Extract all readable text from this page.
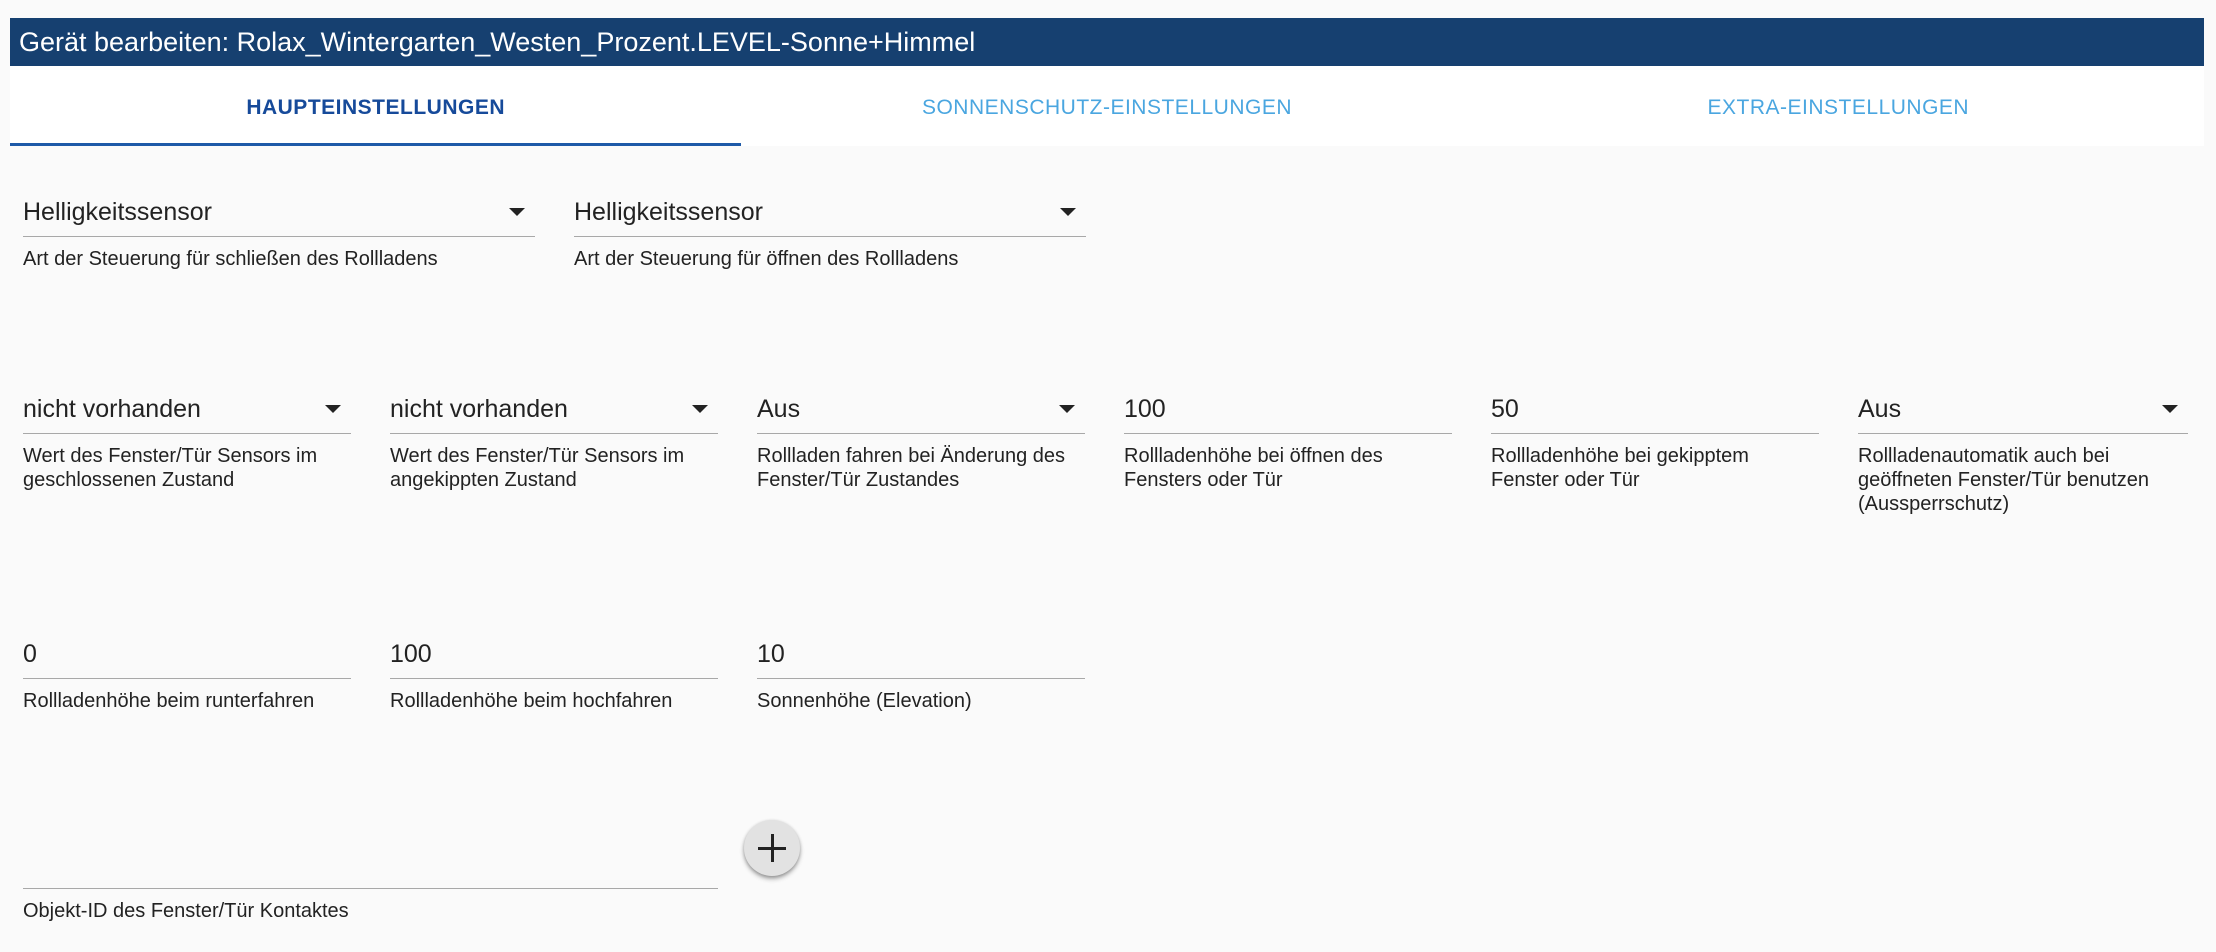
Gerät bearbeiten: Rolax_Wintergarten_Westen_Prozent.LEVEL-Sonne+Himmel
HAUPTEINSTELLUNGEN	SONNENSCHUTZ-EINSTELLUNGEN	EXTRA-EINSTELLUNGEN
Helligkeitssensor
Art der Steuerung für schließen des Rollladens
Helligkeitssensor
Art der Steuerung für öffnen des Rollladens
nicht vorhanden
Wert des Fenster/Tür Sensors im geschlossenen Zustand
nicht vorhanden
Wert des Fenster/Tür Sensors im angekippten Zustand
Aus
Rollladen fahren bei Änderung des Fenster/Tür Zustandes
100
Rollladenhöhe bei öffnen des Fensters oder Tür
50
Rollladenhöhe bei gekipptem Fenster oder Tür
Aus
Rollladenautomatik auch bei geöffneten Fenster/Tür benutzen (Aussperrschutz)
0
Rollladenhöhe beim runterfahren
100
Rollladenhöhe beim hochfahren
10
Sonnenhöhe (Elevation)
Objekt-ID des Fenster/Tür Kontaktes
